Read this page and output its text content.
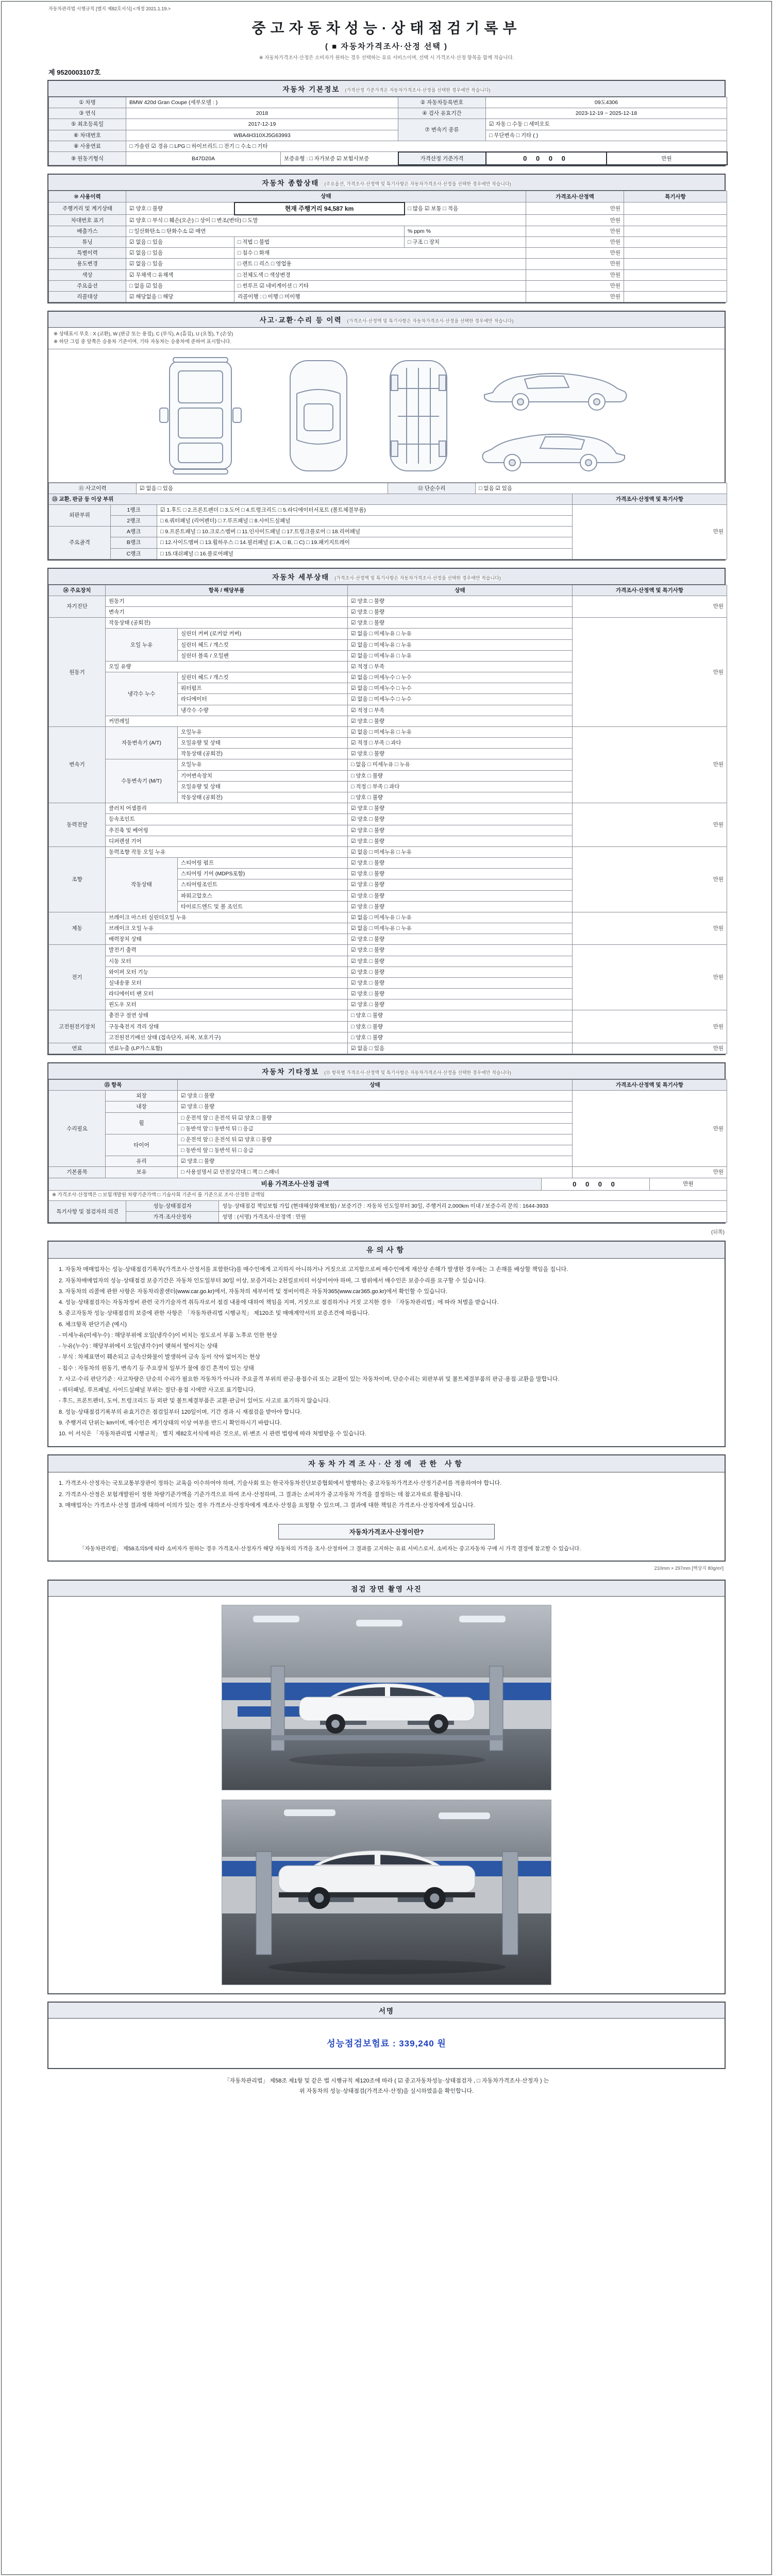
자동차관리법 시행규칙 [별지 제82호서식] <개정 2021.1.19.>
중고자동차성능·상태점검기록부
( ■ 자동차가격조사·산정 선택 )
※ 자동차가격조사·산정은 소비자가 원하는 경우 선택하는 유료 서비스이며, 선택 시 가격조사·산정 항목을 함께 적습니다.
제 9520003107호
자동차 기본정보 (가격산정 기준가격은 자동차가격조사·산정을 선택한 경우에만 적습니다)
① 차명	BMW 420d Gran Coupe (세부모델 : )		② 자동차등록번호	09도4306	
③ 연식	2018		④ 검사 유효기간	2023-12-19 ~ 2025-12-18	
⑤ 최초등록일	2017-12-19		⑦ 변속기 종류	☑ 자동 □ 수동 □ 세미오토	
⑥ 차대번호	WBA4H310XJ5G63993			□ 무단변속 □ 기타 ( )	
⑧ 사용연료	□ 가솔린 ☑ 경유 □ LPG □ 하이브리드 □ 전기 □ 수소 □ 기타				
⑨ 원동기형식	B47D20A	보증유형 : □ 자가보증 ☑ 보험사보증	가격산정 기준가격	0 0 0 0	만원
자동차 종합상태 (주요옵션, 가격조사·산정액 및 특기사항은 자동차가격조사·산정을 선택한 경우에만 적습니다)
⑩ 사용이력	상태			가격조사·산정액	특기사항
주행거리 및 계기상태	☑ 양호 □ 불량	현재 주행거리 94,587 km	□ 많음 ☑ 보통 □ 적음	만원	
차대번호 표기	☑ 양호 □ 부식 □ 훼손(오손) □ 상이 □ 변조(변타) □ 도말			만원	
배출가스	□ 일산화탄소 □ 탄화수소 ☑ 매연		% ppm %	만원	
튜닝	☑ 없음 □ 있음	□ 적법 □ 불법	□ 구조 □ 장치	만원	
특별이력	☑ 없음 □ 있음	□ 침수 □ 화재		만원	
용도변경	☑ 없음 □ 있음	□ 렌트 □ 리스 □ 영업용		만원	
색상	☑ 무채색 □ 유채색	□ 전체도색 □ 색상변경		만원	
주요옵션	□ 없음 ☑ 있음	□ 썬루프 ☑ 네비게이션 □ 기타		만원	
리콜대상	☑ 해당없음 □ 해당	리콜이행 : □ 이행 □ 미이행		만원	
사고·교환·수리 등 이력 (가격조사·산정액 및 특기사항은 자동차가격조사·산정을 선택한 경우에만 적습니다)
※ 상태표시 부호 : X (교환), W (판금 또는 용접), C (부식), A (흠집), U (요철), T (손상)
※ 하단 그림 중 앞쪽은 승용차 기준이며, 기타 자동차는 승용차에 준하여 표시합니다.
⑪ 사고이력	☑ 없음 □ 있음	⑫ 단순수리	□ 없음 ☑ 있음
⑬ 교환, 판금 등 이상 부위			가격조사·산정액 및 특기사항
외판부위	1랭크	☑ 1.후드 □ 2.프론트펜더 □ 3.도어 □ 4.트렁크리드 □ 5.라디에이터서포트 (볼트체결부품)	만원
	2랭크	□ 6.쿼터패널 (리어펜더) □ 7.루프패널 □ 8.사이드실패널	
주요골격	A랭크	□ 9.프론트패널 □ 10.크로스멤버 □ 11.인사이드패널 □ 17.트렁크플로어 □ 18.리어패널	
	B랭크	□ 12.사이드멤버 □ 13.휠하우스 □ 14.필러패널 (□ A, □ B, □ C) □ 19.패키지트레이	
	C랭크	□ 15.대쉬패널 □ 16.플로어패널	
자동차 세부상태 (가격조사·산정액 및 특기사항은 자동차가격조사·산정을 선택한 경우에만 적습니다)
⑭ 주요장치	항목 / 해당부품		상태	가격조사·산정액 및 특기사항
자기진단	원동기		☑ 양호 □ 불량	만원
	변속기		☑ 양호 □ 불량	
원동기	작동상태 (공회전)		☑ 양호 □ 불량	만원
	오일 누유	실린더 커버 (로커암 커버)	☑ 없음 □ 미세누유 □ 누유	
		실린더 헤드 / 개스킷	☑ 없음 □ 미세누유 □ 누유	
		실린더 블록 / 오일팬	☑ 없음 □ 미세누유 □ 누유	
	오일 유량		☑ 적정 □ 부족	
	냉각수 누수	실린더 헤드 / 개스킷	☑ 없음 □ 미세누수 □ 누수	
		워터펌프	☑ 없음 □ 미세누수 □ 누수	
		라디에이터	☑ 없음 □ 미세누수 □ 누수	
		냉각수 수량	☑ 적정 □ 부족	
	커먼레일		☑ 양호 □ 불량	
변속기	자동변속기 (A/T)	오일누유	☑ 없음 □ 미세누유 □ 누유	만원
		오일유량 및 상태	☑ 적정 □ 부족 □ 과다	
		작동상태 (공회전)	☑ 양호 □ 불량	
	수동변속기 (M/T)	오일누유	□ 없음 □ 미세누유 □ 누유	
		기어변속장치	□ 양호 □ 불량	
		오일유량 및 상태	□ 적정 □ 부족 □ 과다	
		작동상태 (공회전)	□ 양호 □ 불량	
동력전달	클러치 어셈블리		☑ 양호 □ 불량	만원
	등속조인트		☑ 양호 □ 불량	
	추진축 및 베어링		☑ 양호 □ 불량	
	디퍼렌셜 기어		☑ 양호 □ 불량	
조향	동력조향 작동 오일 누유		☑ 없음 □ 미세누유 □ 누유	만원
	작동상태	스티어링 펌프	☑ 양호 □ 불량	
		스티어링 기어 (MDPS포함)	☑ 양호 □ 불량	
		스티어링조인트	☑ 양호 □ 불량	
		파워고압호스	☑ 양호 □ 불량	
		타이로드엔드 및 볼 조인트	☑ 양호 □ 불량	
제동	브레이크 마스터 실린더오일 누유		☑ 없음 □ 미세누유 □ 누유	만원
	브레이크 오일 누유		☑ 없음 □ 미세누유 □ 누유	
	배력장치 상태		☑ 양호 □ 불량	
전기	발전기 출력		☑ 양호 □ 불량	만원
	시동 모터		☑ 양호 □ 불량	
	와이퍼 모터 기능		☑ 양호 □ 불량	
	실내송풍 모터		☑ 양호 □ 불량	
	라디에이터 팬 모터		☑ 양호 □ 불량	
	윈도우 모터		☑ 양호 □ 불량	
고전원전기장치	충전구 절연 상태		□ 양호 □ 불량	만원
	구동축전지 격리 상태		□ 양호 □ 불량	
	고전원전기배선 상태 (접속단자, 피복, 보호기구)		□ 양호 □ 불량	
연료	연료누출 (LP가스포함)		☑ 없음 □ 있음	만원
자동차 기타정보 (⑮ 항목별 가격조사·산정액 및 특기사항은 자동차가격조사·산정을 선택한 경우에만 적습니다)
⑮ 항목		상태	가격조사·산정액 및 특기사항
수리필요	외장	☑ 양호 □ 불량	만원
	내장	☑ 양호 □ 불량	
	휠	□ 운전석 앞 □ 운전석 뒤 ☑ 양호 □ 불량	
		□ 동반석 앞 □ 동반석 뒤 □ 응급	
	타이어	□ 운전석 앞 □ 운전석 뒤 ☑ 양호 □ 불량	
		□ 동반석 앞 □ 동반석 뒤 □ 응급	
	유리	☑ 양호 □ 불량	
기본품목	보유	□ 사용설명서 ☑ 안전삼각대 □ 잭 □ 스패너	만원
비용 가격조사·산정 금액	0 0 0 0	만원
※ 가격조사·산정액은 □ 보험개발원 차량기준가액 □ 기술사회 기준서 를 기준으로 조사·산정한 금액임
특기사항 및 점검자의 의견	성능·상태점검자	성능·상태점검 책임보험 가입 (현대해상화재보험) / 보증기간 : 자동차 인도일부터 30일, 주행거리 2,000km 이내 / 보증수리 문의 : 1644-3933
	가격·조사산정자	성명 : (서명) 가격조사·산정액 : 만원
(뒤쪽)
유의사항
1. 자동차 매매업자는 성능·상태점검기록부(가격조사·산정서를 포함한다)를 매수인에게 고지하지 아니하거나 거짓으로 고지함으로써 매수인에게 재산상 손해가 발생한 경우에는 그 손해를 배상할 책임을 집니다.
2. 자동차매매업자의 성능·상태점검 보증기간은 자동차 인도일부터 30일 이상, 보증거리는 2천킬로미터 이상이어야 하며, 그 범위에서 매수인은 보증수리를 요구할 수 있습니다.
3. 자동차의 리콜에 관한 사항은 자동차리콜센터(www.car.go.kr)에서, 자동차의 세부이력 및 정비이력은 자동차365(www.car365.go.kr)에서 확인할 수 있습니다.
4. 성능·상태점검자는 자동차정비 관련 국가기술자격 취득자로서 점검 내용에 대하여 책임을 지며, 거짓으로 점검하거나 거짓 고지한 경우 「자동차관리법」에 따라 처벌을 받습니다.
5. 중고자동차 성능·상태점검의 보증에 관한 사항은 「자동차관리법 시행규칙」 제120조 및 매매계약서의 보증조건에 따릅니다.
6. 체크항목 판단기준 (예시)
- 미세누유(미세누수) : 해당부위에 오일(냉각수)이 비치는 정도로서 부품 노후로 인한 현상
- 누유(누수) : 해당부위에서 오일(냉각수)이 맺혀서 떨어지는 상태
- 부식 : 차체표면이 훼손되고 금속산화물이 발생하여 금속 등이 삭아 없어지는 현상
- 침수 : 자동차의 원동기, 변속기 등 주요장치 일부가 물에 잠긴 흔적이 있는 상태
7. 사고·수리 판단기준 : 사고차량은 단순히 수리가 필요한 자동차가 아니라 주요골격 부위의 판금·용접수리 또는 교환이 있는 자동차이며, 단순수리는 외판부위 및 볼트체결부품의 판금·용접·교환을 말합니다.
- 쿼터패널, 루프패널, 사이드실패널 부위는 절단·용접 시에만 사고로 표기합니다.
- 후드, 프론트펜더, 도어, 트렁크리드 등 외판 및 볼트체결부품은 교환·판금이 있어도 사고로 표기하지 않습니다.
8. 성능·상태점검기록부의 유효기간은 점검일부터 120일이며, 기간 경과 시 재점검을 받아야 합니다.
9. 주행거리 단위는 km이며, 매수인은 계기상태의 이상 여부를 반드시 확인하시기 바랍니다.
10. 이 서식은 「자동차관리법 시행규칙」 별지 제82호서식에 따른 것으로, 위·변조 시 관련 법령에 따라 처벌받을 수 있습니다.
자동차가격조사·산정에 관한 사항
1. 가격조사·산정자는 국토교통부장관이 정하는 교육을 이수하여야 하며, 기술사회 또는 한국자동차진단보증협회에서 발행하는 중고자동차가격조사·산정기준서를 적용하여야 합니다.
2. 가격조사·산정은 보험개발원이 정한 차량기준가액을 기준가격으로 하여 조사·산정하며, 그 결과는 소비자가 중고자동차 가격을 결정하는 데 참고자료로 활용됩니다.
3. 매매업자는 가격조사·산정 결과에 대하여 이의가 있는 경우 가격조사·산정자에게 재조사·산정을 요청할 수 있으며, 그 결과에 대한 책임은 가격조사·산정자에게 있습니다.
자동차가격조사·산정이란?
「자동차관리법」 제58조의5에 따라 소비자가 원하는 경우 가격조사·산정자가 해당 자동차의 가격을 조사·산정하여 그 결과를 고지하는 유료 서비스로서, 소비자는 중고자동차 구매 시 가격 결정에 참고할 수 있습니다.
210mm × 297mm [백상지 80g/m²]
점검 장면 촬영 사진
서명
성능점검보험료 : 339,240 원
「자동차관리법」 제58조 제1항 및 같은 법 시행규칙 제120조에 따라 ( ☑ 중고자동차성능·상태점검자 , □ 자동차가격조사·산정자 ) 는
위 자동차의 성능·상태점검(가격조사·산정)을 실시하였음을 확인합니다.
